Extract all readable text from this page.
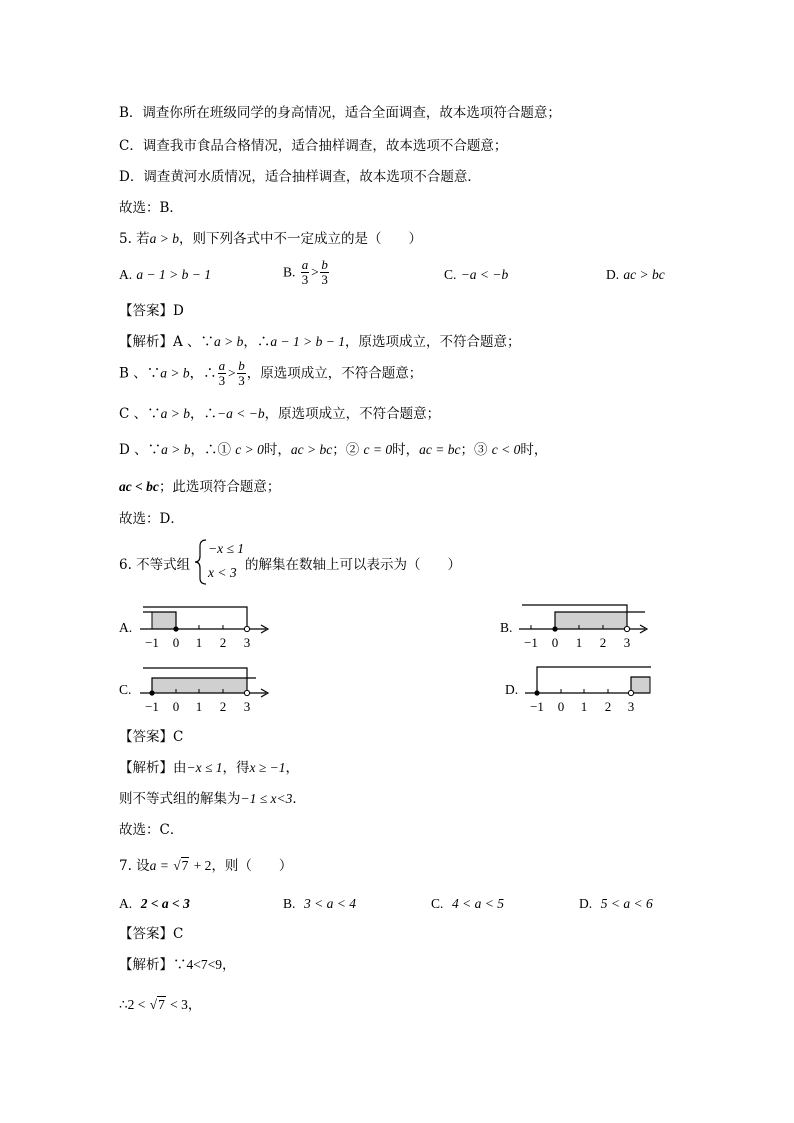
B．调查你所在班级同学的身高情况，适合全面调查，故本选项符合题意；
C．调查我市食品合格情况，适合抽样调查，故本选项不合题意；
D．调查黄河水质情况，适合抽样调查，故本选项不合题意．
故选：B．
5. 若a > b，则下列各式中不一定成立的是（　　）
A. a − 1 > b − 1	B. $\frac{a}{3} > \frac{b}{3}$	C. −a < −b	D. ac > bc
【答案】D
【解析】A 、∵a > b，∴a − 1 > b − 1，原选项成立，不符合题意；
B 、∵a > b，∴ $\frac{a}{3} > \frac{b}{3}$ ，原选项成立，不符合题意；
C 、∵a > b，∴−a < −b，原选项成立，不符合题意；
D 、∵a > b，∴① c > 0时，ac > bc；② c = 0时，ac = bc；③ c < 0时，
ac < bc；此选项符合题意；
故选：D．
6. 不等式组
−x ≤ 1
x < 3 的解集在数轴上可以表示为（　　）
A.
−1 0 1 2 3
B.
−1 0 1 2 3
C.
−1 0 1 2 3
D.
−1 0 1 2 3
【答案】C
【解析】由−x ≤ 1，得x ≥ −1，
则不等式组的解集为−1 ≤ x<3．
故选：C．
7. 设a = √7 + 2，则（　　）
A. 2 < a < 3	B. 3 < a < 4	C. 4 < a < 5	D. 5 < a < 6
【答案】C
【解析】∵4<7<9，
∴2 < √7 < 3，
